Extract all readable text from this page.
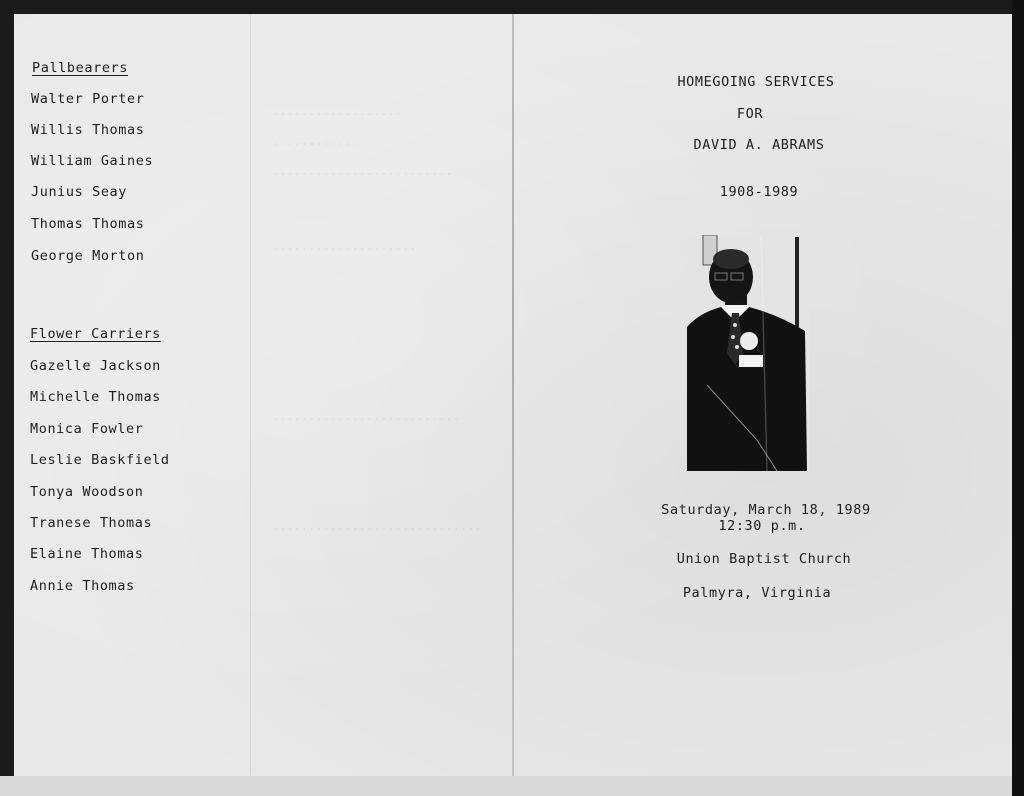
..................
............
.........................
....................
..........................
.............................
Pallbearers
Walter Porter
Willis Thomas
William Gaines
Junius Seay
Thomas Thomas
George Morton
Flower Carriers
Gazelle Jackson
Michelle Thomas
Monica Fowler
Leslie Baskfield
Tonya Woodson
Tranese Thomas
Elaine Thomas
Annie Thomas
HOMEGOING SERVICES
FOR
DAVID A. ABRAMS
1908-1989
Saturday, March 18, 1989
12:30 p.m.
Union Baptist Church
Palmyra, Virginia
